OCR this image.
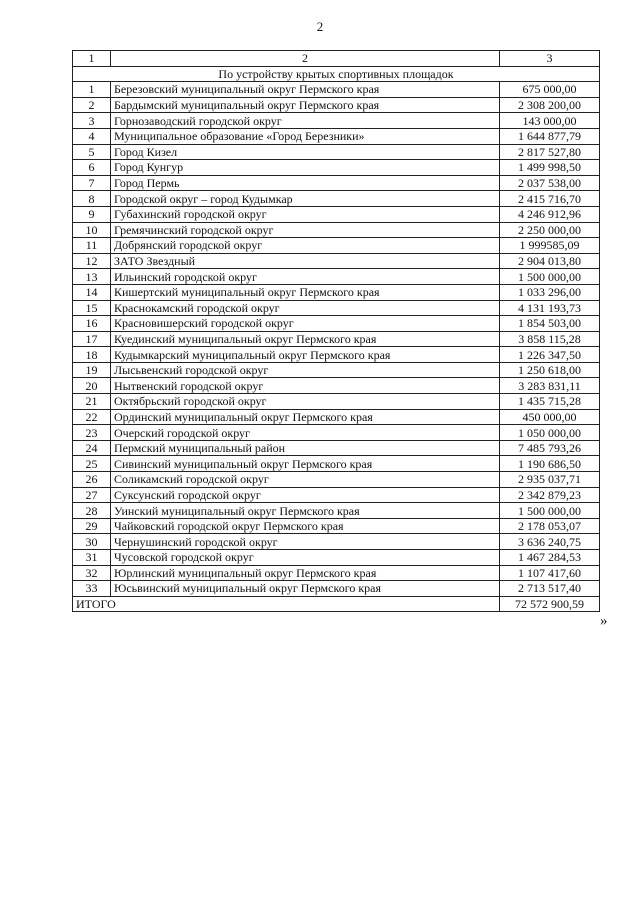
2
1	2	3
По устройству крытых спортивных площадок		
1	Березовский муниципальный округ Пермского края	675 000,00
2	Бардымский муниципальный округ Пермского края	2 308 200,00
3	Горнозаводский городской округ	143 000,00
4	Муниципальное образование «Город Березники»	1 644 877,79
5	Город Кизел	2 817 527,80
6	Город Кунгур	1 499 998,50
7	Город Пермь	2 037 538,00
8	Городской округ – город Кудымкар	2 415 716,70
9	Губахинский городской округ	4 246 912,96
10	Гремячинский городской округ	2 250 000,00
11	Добрянский городской округ	1 999585,09
12	ЗАТО Звездный	2 904 013,80
13	Ильинский городской округ	1 500 000,00
14	Кишертский муниципальный округ Пермского края	1 033 296,00
15	Краснокамский городской округ	4 131 193,73
16	Красновишерский городской округ	1 854 503,00
17	Куединский муниципальный округ Пермского края	3 858 115,28
18	Кудымкарский муниципальный округ Пермского края	1 226 347,50
19	Лысьвенский городской округ	1 250 618,00
20	Нытвенский городской округ	3 283 831,11
21	Октябрьский городской округ	1 435 715,28
22	Ординский муниципальный округ Пермского края	450 000,00
23	Очерский городской округ	1 050 000,00
24	Пермский муниципальный район	7 485 793,26
25	Сивинский муниципальный округ Пермского края	1 190 686,50
26	Соликамский городской округ	2 935 037,71
27	Суксунский городской округ	2 342 879,23
28	Уинский муниципальный округ Пермского края	1 500 000,00
29	Чайковский городской округ Пермского края	2 178 053,07
30	Чернушинский городской округ	3 636 240,75
31	Чусовской городской округ	1 467 284,53
32	Юрлинский муниципальный округ Пермского края	1 107 417,60
33	Юсьвинский муниципальный округ Пермского края	2 713 517,40
ИТОГО		72 572 900,59
»
